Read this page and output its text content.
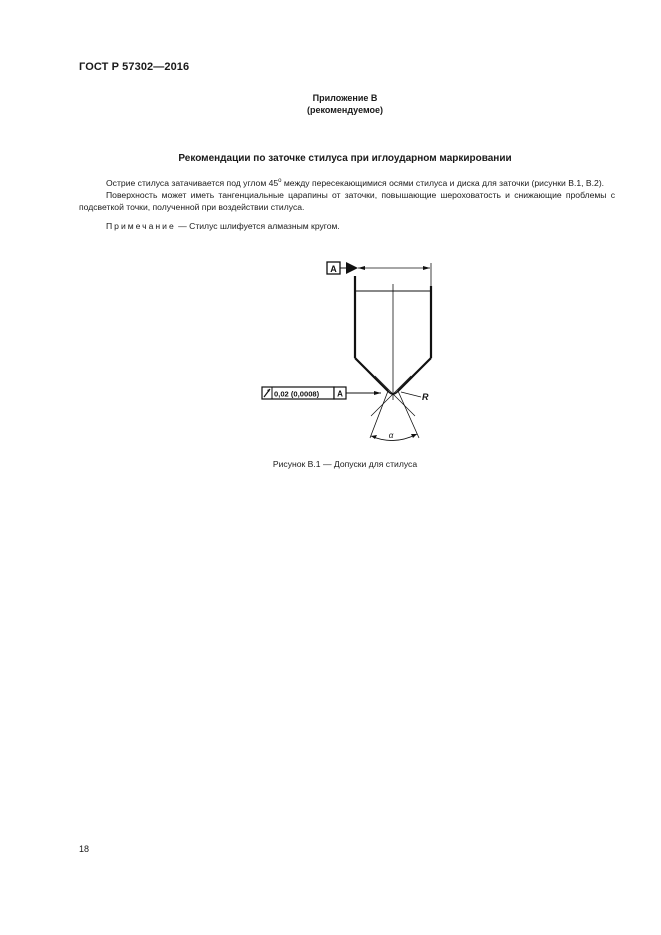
ГОСТ Р 57302—2016
Приложение В
(рекомендуемое)
Рекомендации по заточке стилуса при иглоударном маркировании

Острие стилуса затачивается под углом 45$^o$ между пересекающимися осями стилуса и диска для заточки (рисунки В.1, В.2).

Поверхность может иметь тангенциальные царапины от заточки, повышающие шероховатость и снижающие проблемы с подсветкой точки, полученной при воздействии стилуса.

Примечание — Стилус шлифуется алмазным кругом.

A
α
R
0,02 (0,0008) A
Рисунок В.1 — Допуски для стилуса
18
